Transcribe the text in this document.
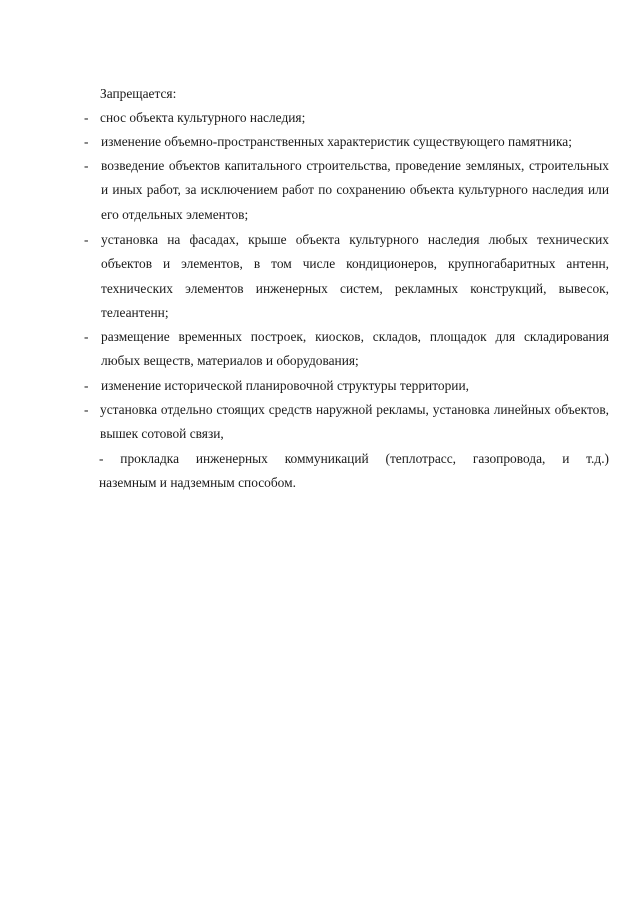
Запрещается:
- снос объекта культурного наследия;
- изменение объемно-пространственных характеристик существующего памятника;
- возведение объектов капитального строительства, проведение земляных, строительных и иных работ, за исключением работ по сохранению объекта культурного наследия или его отдельных элементов;
- установка на фасадах, крыше объекта культурного наследия любых технических объектов и элементов, в том числе кондиционеров, крупногабаритных антенн, технических элементов инженерных систем, рекламных конструкций, вывесок, телеантенн;
- размещение временных построек, киосков, складов, площадок для складирования любых веществ, материалов и оборудования;
- изменение исторической планировочной структуры территории,
- установка отдельно стоящих средств наружной рекламы, установка линейных объектов, вышек сотовой связи,
- прокладка инженерных коммуникаций (теплотрасс, газопровода, и т.д.)
наземным и надземным способом.
